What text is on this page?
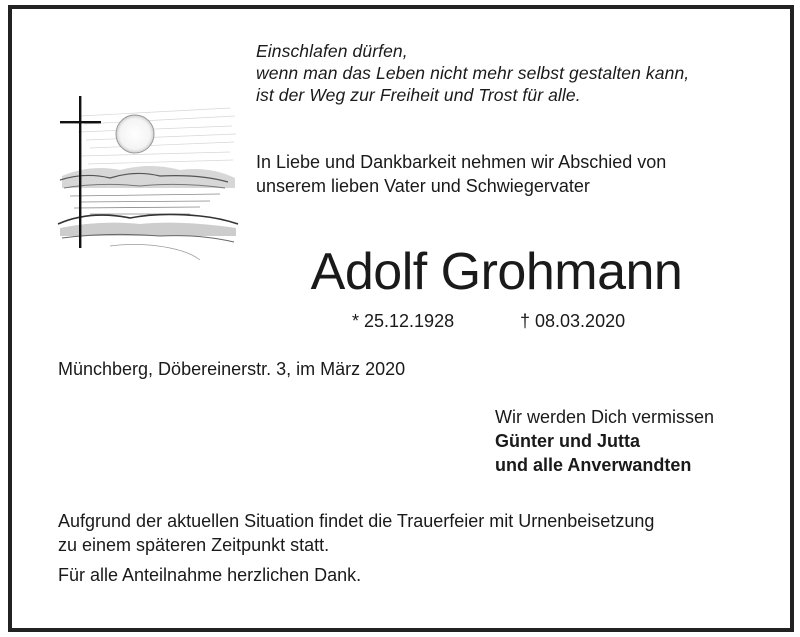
Einschlafen dürfen,
wenn man das Leben nicht mehr selbst gestalten kann,
ist der Weg zur Freiheit und Trost für alle.
In Liebe und Dankbarkeit nehmen wir Abschied von
unserem lieben Vater und Schwiegervater
Adolf Grohmann
* 25.12.1928	† 08.03.2020
Münchberg, Döbereinerstr. 3, im März 2020
Wir werden Dich vermissen
Günter und Jutta
und alle Anverwandten
Aufgrund der aktuellen Situation findet die Trauerfeier mit Urnenbeisetzung
zu einem späteren Zeitpunkt statt.
Für alle Anteilnahme herzlichen Dank.
